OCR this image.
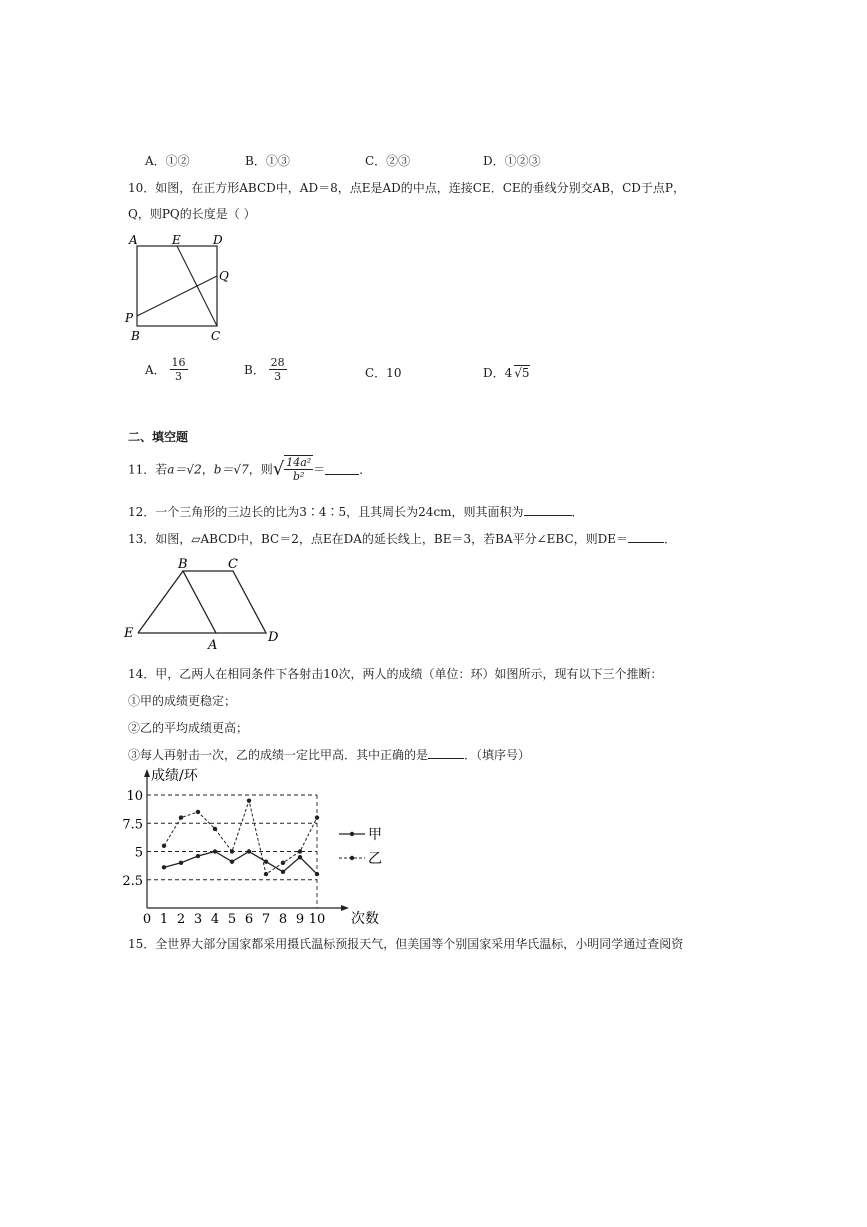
A．①②	B．①③	C．②③	D．①②③
10．如图，在正方形ABCD中，AD＝8，点E是AD的中点，连接CE．CE的垂线分别交AB，CD于点P，
Q，则PQ的长度是（ ）
A	E	D
Q
P
B	C
A． $\frac{16}{3}$	B． $\frac{28}{3}$	C．10	D．4 √5
二、填空题
11．若a＝√2，b＝√7，则√ $\frac{\text{14a²}}{\text{b²}}$ ＝	．
12．一个三角形的三边长的比为3∶4∶5，且其周长为24cm，则其面积为	．
13．如图，▱ABCD中，BC＝2，点E在DA的延长线上，BE＝3，若BA平分∠EBC，则DE＝	．
B	C
E
A
D
14．甲，乙两人在相同条件下各射击10次，两人的成绩（单位：环）如图所示，现有以下三个推断：
①甲的成绩更稳定；
②乙的平均成绩更高；
③每人再射击一次，乙的成绩一定比甲高．其中正确的是	．（填序号）
成绩/环
次数
2.5
5
7.5
10
0 1 2 3 4 5 6 7 8 9 10
甲
乙
15．全世界大部分国家都采用摄氏温标预报天气，但美国等个别国家采用华氏温标，小明同学通过查阅资
